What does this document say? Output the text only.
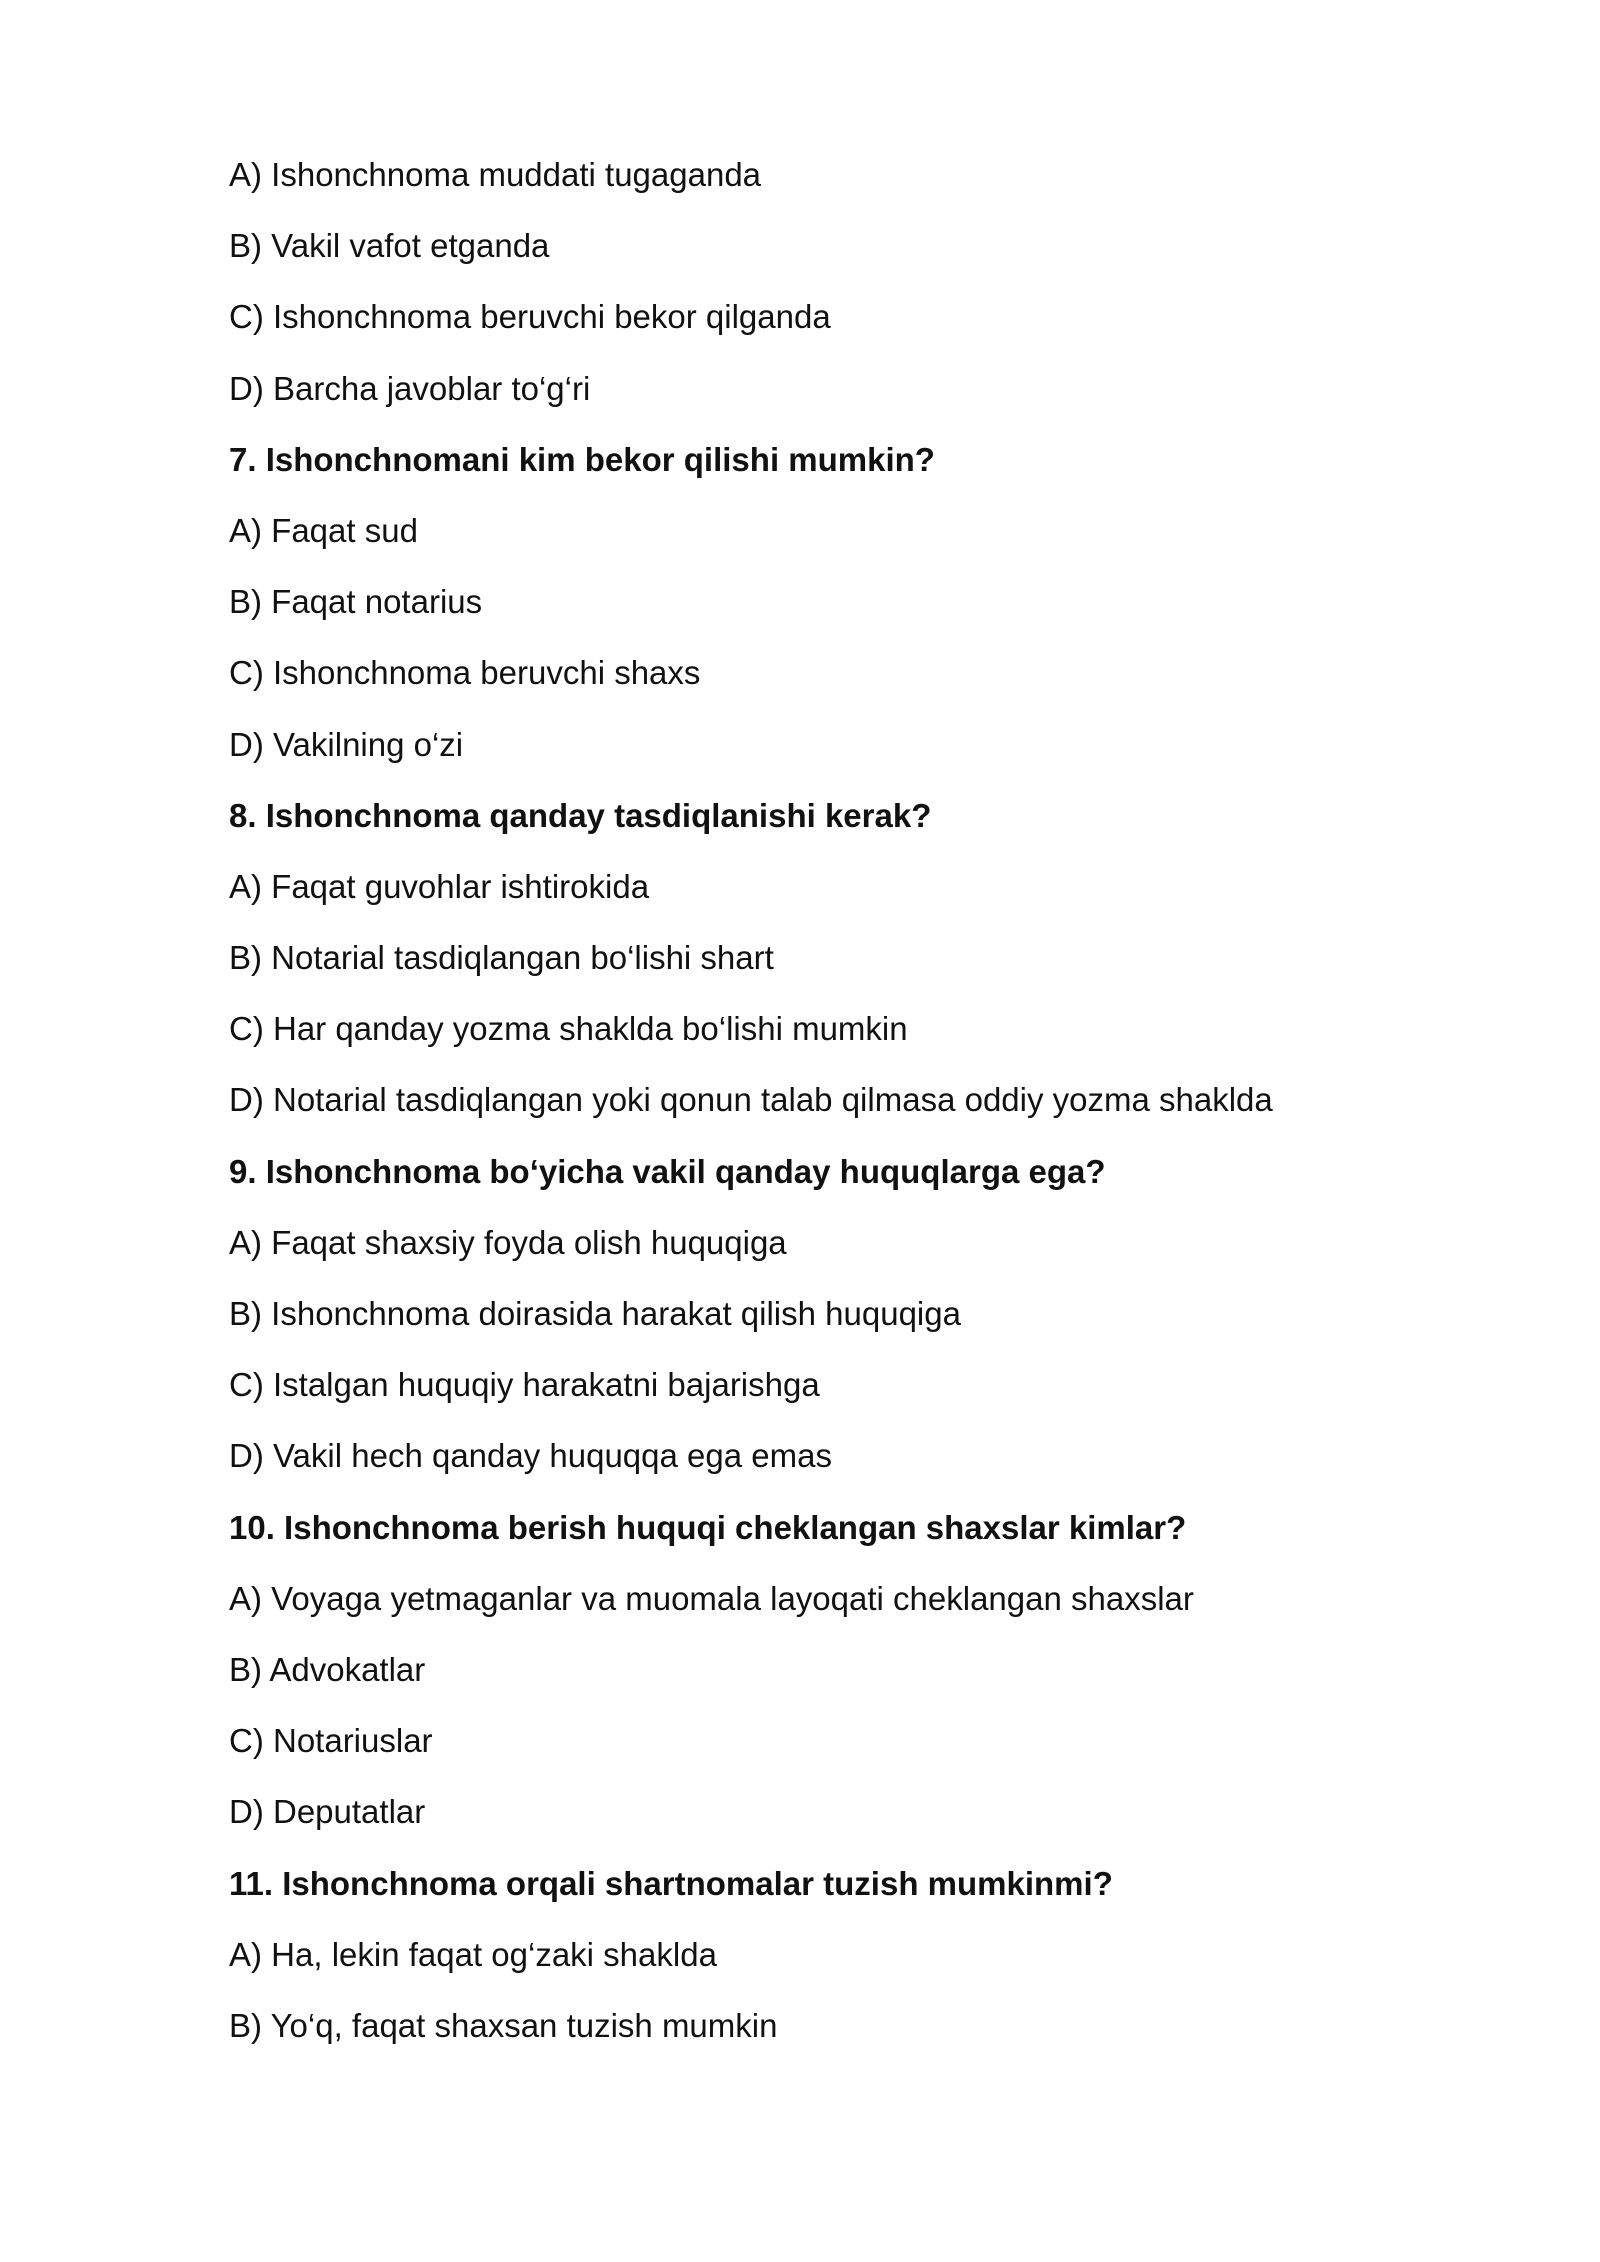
A) Ishonchnoma muddati tugaganda
B) Vakil vafot etganda
C) Ishonchnoma beruvchi bekor qilganda
D) Barcha javoblar to‘g‘ri
7. Ishonchnomani kim bekor qilishi mumkin?
A) Faqat sud
B) Faqat notarius
C) Ishonchnoma beruvchi shaxs
D) Vakilning o‘zi
8. Ishonchnoma qanday tasdiqlanishi kerak?
A) Faqat guvohlar ishtirokida
B) Notarial tasdiqlangan bo‘lishi shart
C) Har qanday yozma shaklda bo‘lishi mumkin
D) Notarial tasdiqlangan yoki qonun talab qilmasa oddiy yozma shaklda
9. Ishonchnoma bo‘yicha vakil qanday huquqlarga ega?
A) Faqat shaxsiy foyda olish huquqiga
B) Ishonchnoma doirasida harakat qilish huquqiga
C) Istalgan huquqiy harakatni bajarishga
D) Vakil hech qanday huquqqa ega emas
10. Ishonchnoma berish huquqi cheklangan shaxslar kimlar?
A) Voyaga yetmaganlar va muomala layoqati cheklangan shaxslar
B) Advokatlar
C) Notariuslar
D) Deputatlar
11. Ishonchnoma orqali shartnomalar tuzish mumkinmi?
A) Ha, lekin faqat og‘zaki shaklda
B) Yo‘q, faqat shaxsan tuzish mumkin
